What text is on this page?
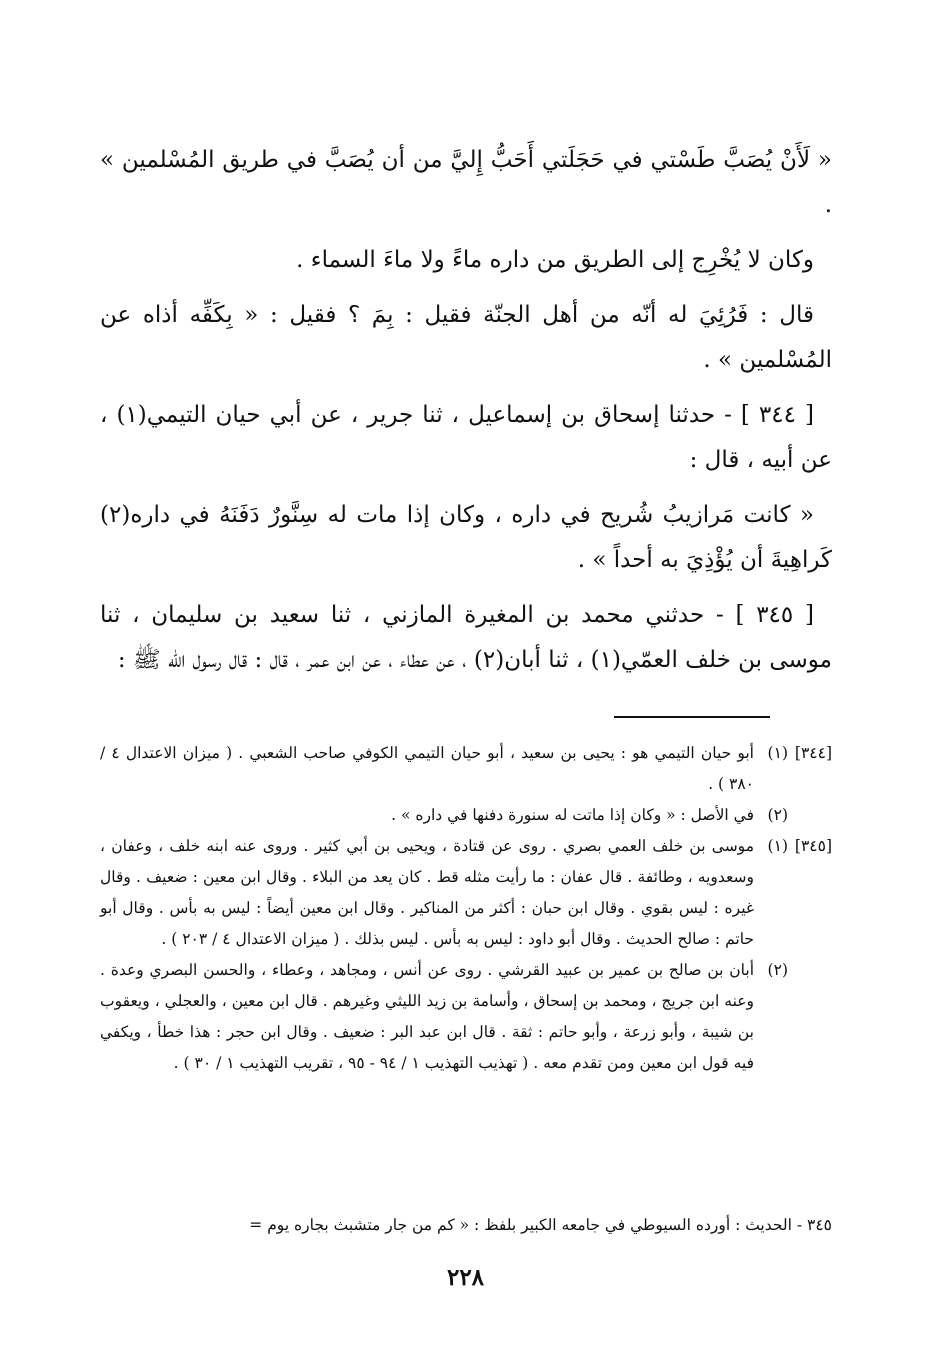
« لَأَنْ يُصَبَّ طَسْتي في حَجَلَتي أَحَبُّ إِليَّ من أن يُصَبَّ في طريق المُسْلمين » .

وكان لا يُخْرِج إلى الطريق من داره ماءً ولا ماءَ السماء .

قال : فَرُئِيَ له أنّه من أهل الجنّة فقيل : بِمَ ؟ فقيل : « بِكَفِّه أذاه عن المُسْلمين » .

[ ٣٤٤ ] - حدثنا إسحاق بن إسماعيل ، ثنا جرير ، عن أبي حيان التيمي(١) ، عن أبيه ، قال :

« كانت مَرازيبُ شُريح في داره ، وكان إذا مات له سِنَّورٌ دَفَنَهُ في داره(٢) كَراهِيةَ أن يُؤْذِيَ به أحداً » .

[ ٣٤٥ ] - حدثني محمد بن المغيرة المازني ، ثنا سعيد بن سليمان ، ثنا موسى بن خلف العمّي(١) ، ثنا أبان(٢) ، عن عطاء ، عن ابن عمر ، قال : قال رسول الله ﷺ :

[٣٤٤]
(١)
أبو حيان التيمي هو : يحيى بن سعيد ، أبو حيان التيمي الكوفي صاحب الشعبي . ( ميزان الاعتدال ٤ / ٣٨٠ ) .
(٢)
في الأصل : « وكان إذا ماتت له سنورة دفنها في داره » .
[٣٤٥]
(١)
موسى بن خلف العمي بصري . روى عن قتادة ، ويحيى بن أبي كثير . وروى عنه ابنه خلف ، وعفان ، وسعدويه ، وطائفة . قال عفان : ما رأيت مثله قط . كان يعد من البلاء . وقال ابن معين : ضعيف . وقال غيره : ليس بقوي . وقال ابن حبان : أكثر من المناكير . وقال ابن معين أيضاً : ليس به بأس . وقال أبو حاتم : صالح الحديث . وقال أبو داود : ليس به بأس . ليس بذلك . ( ميزان الاعتدال ٤ / ٢٠٣ ) .
(٢)
أبان بن صالح بن عمير بن عبيد القرشي . روى عن أنس ، ومجاهد ، وعطاء ، والحسن البصري وعدة . وعنه ابن جريج ، ومحمد بن إسحاق ، وأسامة بن زيد الليثي وغيرهم . قال ابن معين ، والعجلي ، ويعقوب بن شيبة ، وأبو زرعة ، وأبو حاتم : ثقة . قال ابن عبد البر : ضعيف . وقال ابن حجر : هذا خطأ ، ويكفي فيه قول ابن معين ومن تقدم معه . ( تهذيب التهذيب ١ / ٩٤ - ٩٥ ، تقريب التهذيب ١ / ٣٠ ) .
٣٤٥ - الحديث : أورده السيوطي في جامعه الكبير بلفظ : « كم من جار متشبث بجاره يوم =
٢٢٨
